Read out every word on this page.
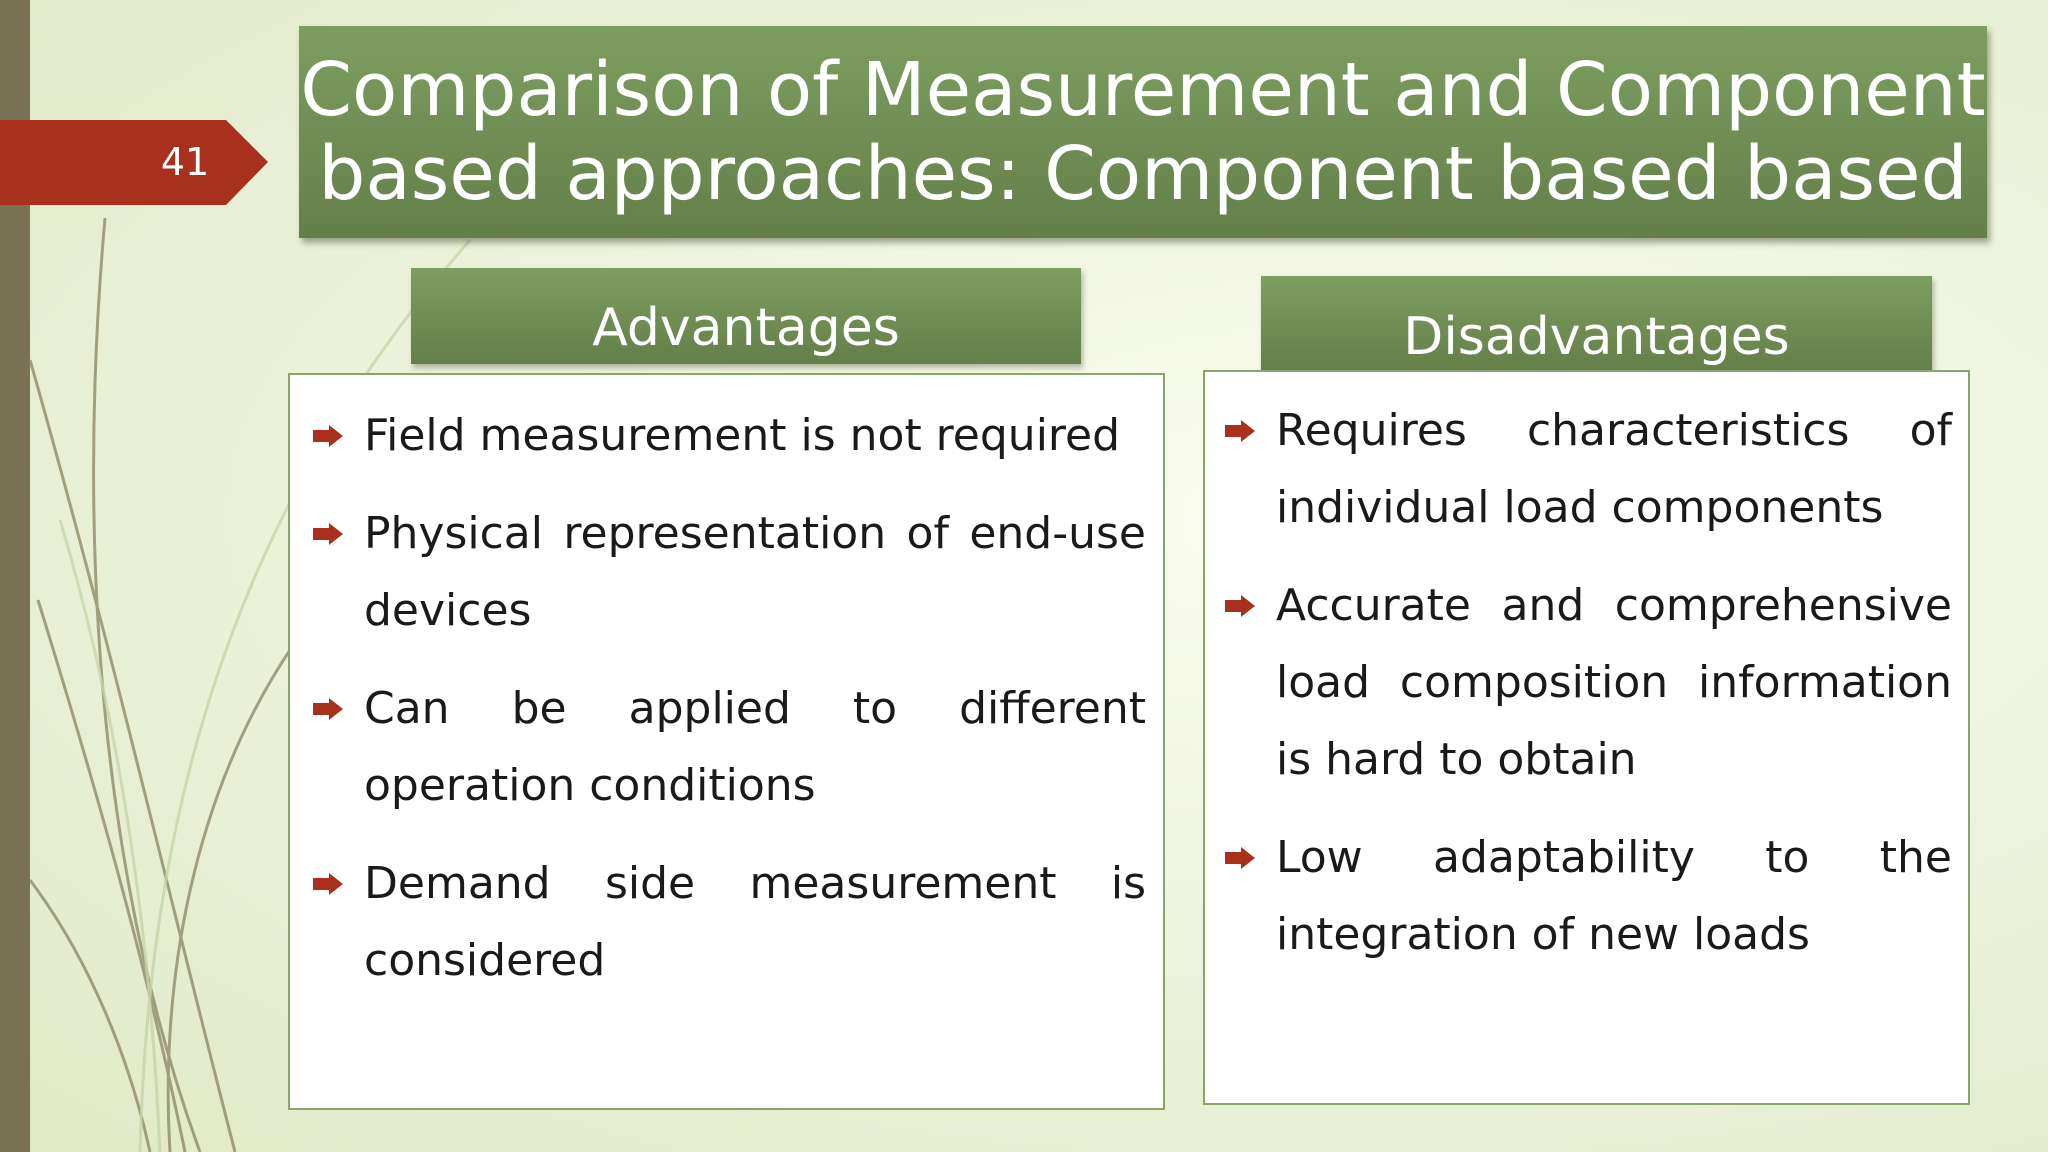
41
Comparison of Measurement and Component
based approaches: Component based based
Advantages	Disadvantages
Field measurement is not required
Physical representation of end-use devices
Can be applied to different operation conditions
Demand side measurement is considered
Requires characteristics of individual load components
Accurate and comprehensive load composition information is hard to obtain
Low adaptability to the integration of new loads
